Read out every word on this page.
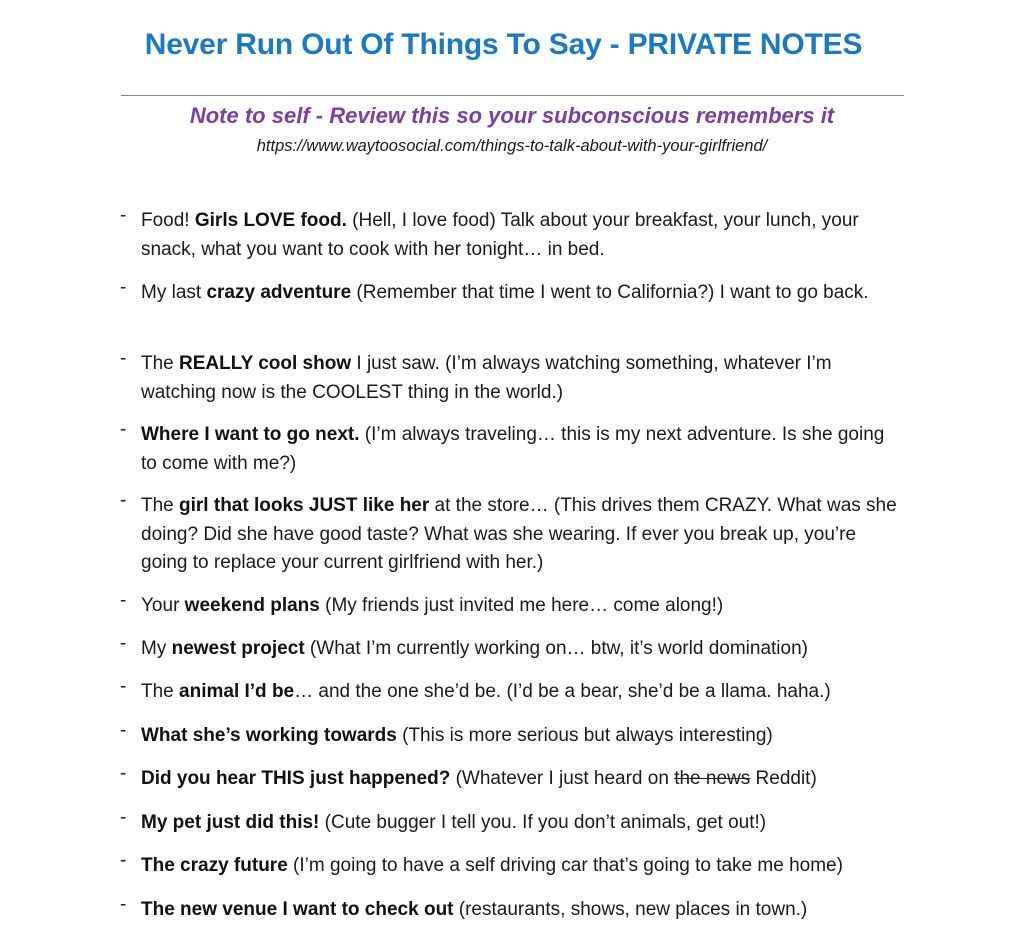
Never Run Out Of Things To Say - PRIVATE NOTES

Note to self - Review this so your subconscious remembers it

https://www.waytoosocial.com/things-to-talk-about-with-your-girlfriend/

- Food! Girls LOVE food. (Hell, I love food) Talk about your breakfast, your lunch, your snack, what you want to cook with her tonight… in bed.
- My last crazy adventure (Remember that time I went to California?) I want to go back.
- The REALLY cool show I just saw. (I’m always watching something, whatever I’m watching now is the COOLEST thing in the world.)
- Where I want to go next. (I’m always traveling… this is my next adventure. Is she going to come with me?)
- The girl that looks JUST like her at the store… (This drives them CRAZY. What was she doing? Did she have good taste? What was she wearing. If ever you break up, you’re going to replace your current girlfriend with her.)
- Your weekend plans (My friends just invited me here… come along!)
- My newest project (What I’m currently working on… btw, it’s world domination)
- The animal I’d be… and the one she’d be. (I’d be a bear, she’d be a llama. haha.)
- What she’s working towards (This is more serious but always interesting)
- Did you hear THIS just happened? (Whatever I just heard on the news Reddit)
- My pet just did this! (Cute bugger I tell you. If you don’t animals, get out!)
- The crazy future (I’m going to have a self driving car that’s going to take me home)
- The new venue I want to check out (restaurants, shows, new places in town.)
